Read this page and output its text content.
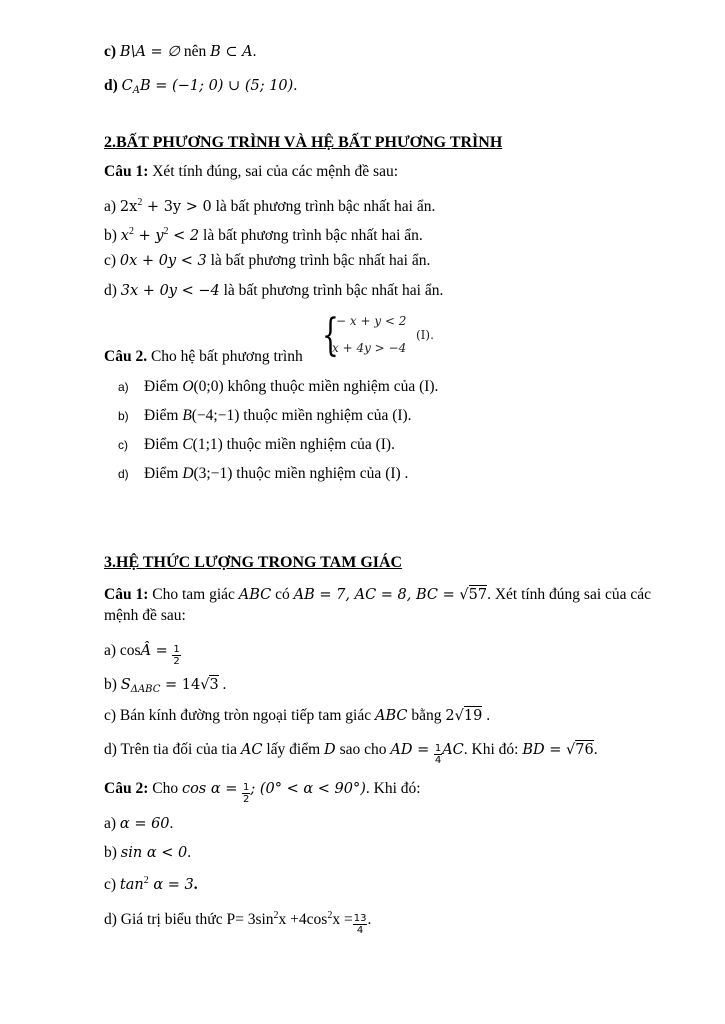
c) B\A = ∅ nên B ⊂ A.
d) $C_AB = (-1$; 0) ∪ (5; 10).
2.BẤT PHƯƠNG TRÌNH VÀ HỆ BẤT PHƯƠNG TRÌNH
Câu 1: Xét tính đúng, sai của các mệnh đề sau:
a) $2x^2 + 3y > 0$ là bất phương trình bậc nhất hai ẩn.
b) $x^2 + y^2 < 2$ là bất phương trình bậc nhất hai ẩn.
c) 0x + 0y < 3 là bất phương trình bậc nhất hai ẩn.
d) 3x + 0y < −4 là bất phương trình bậc nhất hai ẩn.
Câu 2. Cho hệ bất phương trình {
− x + y < 2
x + 4y > −4
(I).
a) Điểm O(0;0) không thuộc miền nghiệm của (I).
b) Điểm B(−4;−1) thuộc miền nghiệm của (I).
c) Điểm C(1;1) thuộc miền nghiệm của (I).
d) Điểm D(3;−1) thuộc miền nghiệm của (I) .
3.HỆ THỨC LƯỢNG TRONG TAM GIÁC
Câu 1: Cho tam giác ABC có AB = 7, AC = 8, BC = √57. Xét tính đúng sai của các
mệnh đề sau:
a) cosÂ = $\frac{1}{2}$
b) $S_{\Delta ABC} = 14√3$ .
c) Bán kính đường tròn ngoại tiếp tam giác ABC bằng 2√19 .
d) Trên tia đối của tia AC lấy điểm D sao cho AD = $\frac{1}{4}$ AC. Khi đó: BD = √76.
Câu 2: Cho $\cos \alpha = \frac{1}{2}$ ; (0° < α < 90°). Khi đó:
a) α = 60.
b) sin α < 0.
c) $\tan^2 \alpha = 3$.
d) Giá trị biểu thức $P= 3\sin^2x +4\cos^2x = \frac{13}{4}$ .
